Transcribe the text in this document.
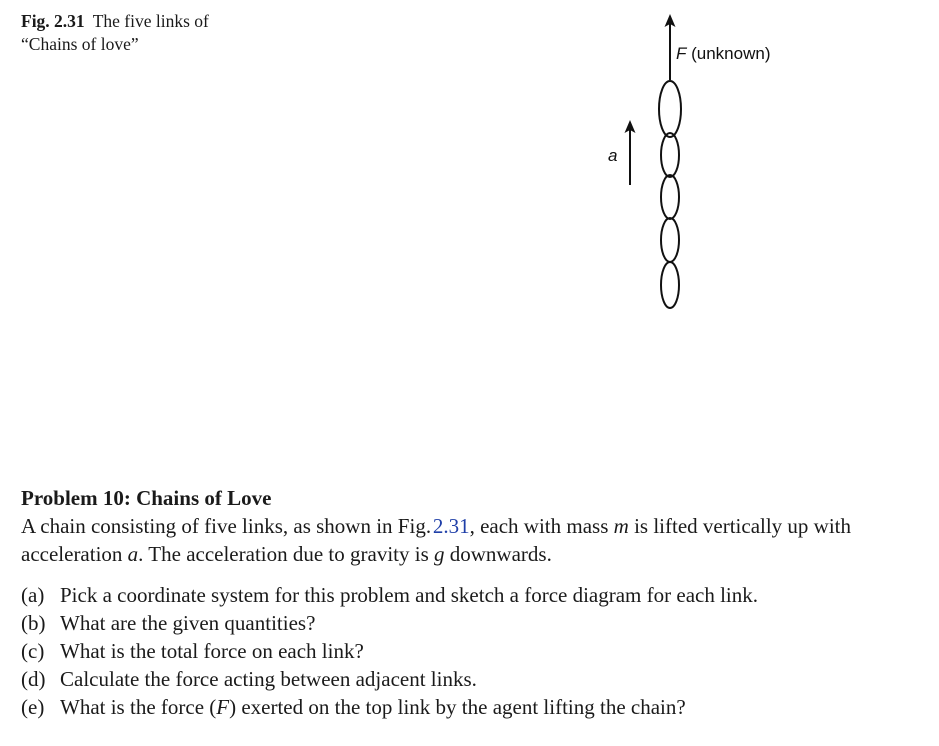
Fig. 2.31 The five links of
“Chains of love”	F (unknown)
a

Problem 10: Chains of Love

A chain consisting of five links, as shown in Fig. 2.31, each with mass m is lifted vertically up with acceleration a. The acceleration due to gravity is g downwards.

(a) Pick a coordinate system for this problem and sketch a force diagram for each link.
(b) What are the given quantities?
(c) What is the total force on each link?
(d) Calculate the force acting between adjacent links.
(e) What is the force (F) exerted on the top link by the agent lifting the chain?
